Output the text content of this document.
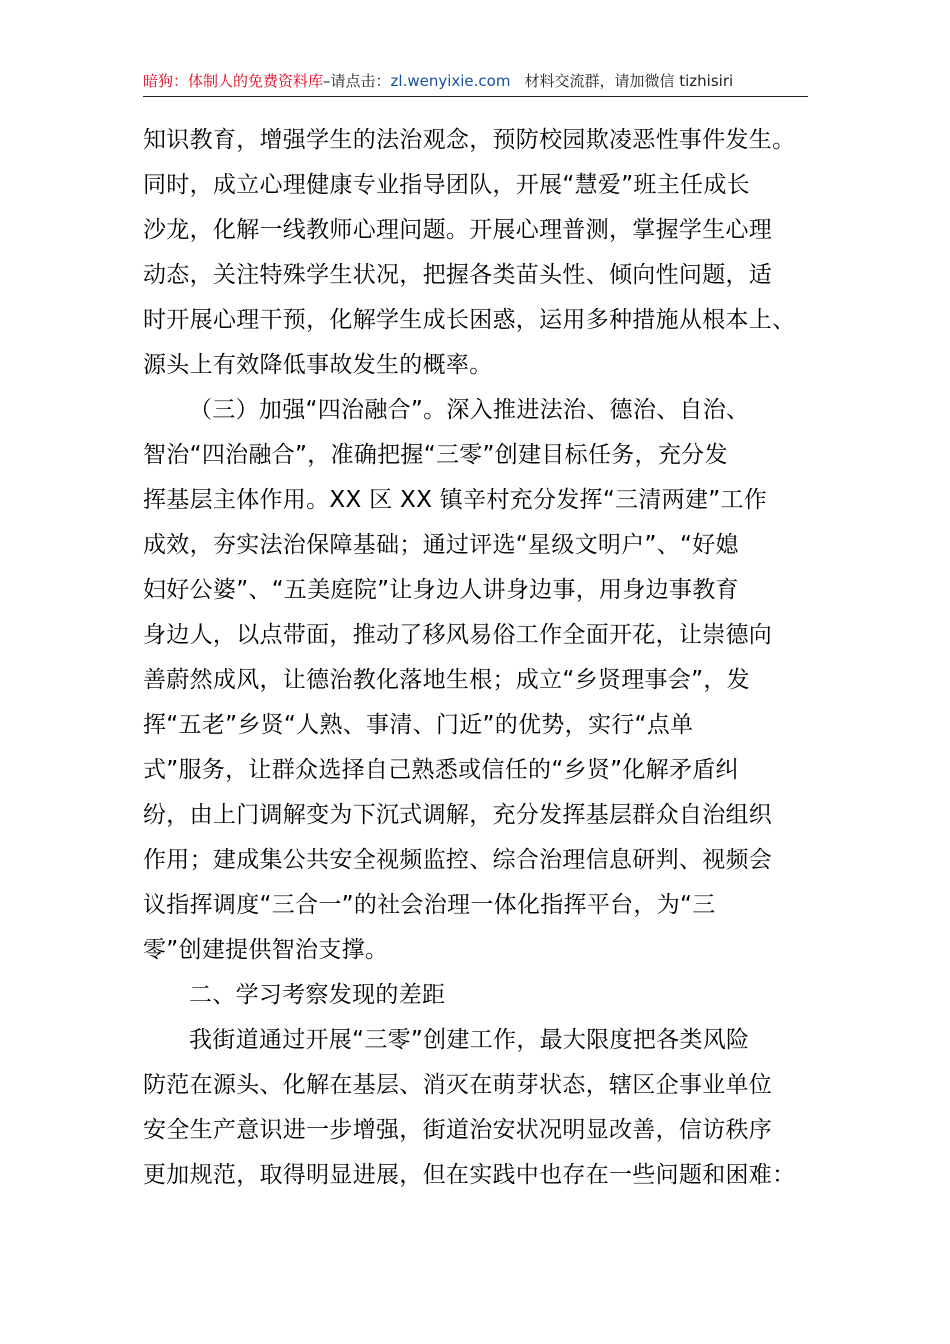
暗狗：体制人的免费资料库–请点击：zl.wenyixie.com 材料交流群，请加微信 tizhisiri
知识教育，增强学生的法治观念，预防校园欺凌恶性事件发生。
同时，成立心理健康专业指导团队，开展“慧爱”班主任成长
沙龙，化解一线教师心理问题。开展心理普测，掌握学生心理
动态，关注特殊学生状况，把握各类苗头性、倾向性问题，适
时开展心理干预，化解学生成长困惑，运用多种措施从根本上、
源头上有效降低事故发生的概率。
（三）加强“四治融合”。深入推进法治、德治、自治、
智治“四治融合”，准确把握“三零”创建目标任务，充分发
挥基层主体作用。XX 区 XX 镇辛村充分发挥“三清两建”工作
成效，夯实法治保障基础；通过评选“星级文明户”、“好媳
妇好公婆”、“五美庭院”让身边人讲身边事，用身边事教育
身边人，以点带面，推动了移风易俗工作全面开花，让崇德向
善蔚然成风，让德治教化落地生根；成立“乡贤理事会”，发
挥“五老”乡贤“人熟、事清、门近”的优势，实行“点单
式”服务，让群众选择自己熟悉或信任的“乡贤”化解矛盾纠
纷，由上门调解变为下沉式调解，充分发挥基层群众自治组织
作用；建成集公共安全视频监控、综合治理信息研判、视频会
议指挥调度“三合一”的社会治理一体化指挥平台，为“三
零”创建提供智治支撑。
二、学习考察发现的差距
我街道通过开展“三零”创建工作，最大限度把各类风险
防范在源头、化解在基层、消灭在萌芽状态，辖区企事业单位
安全生产意识进一步增强，街道治安状况明显改善，信访秩序
更加规范，取得明显进展，但在实践中也存在一些问题和困难：
